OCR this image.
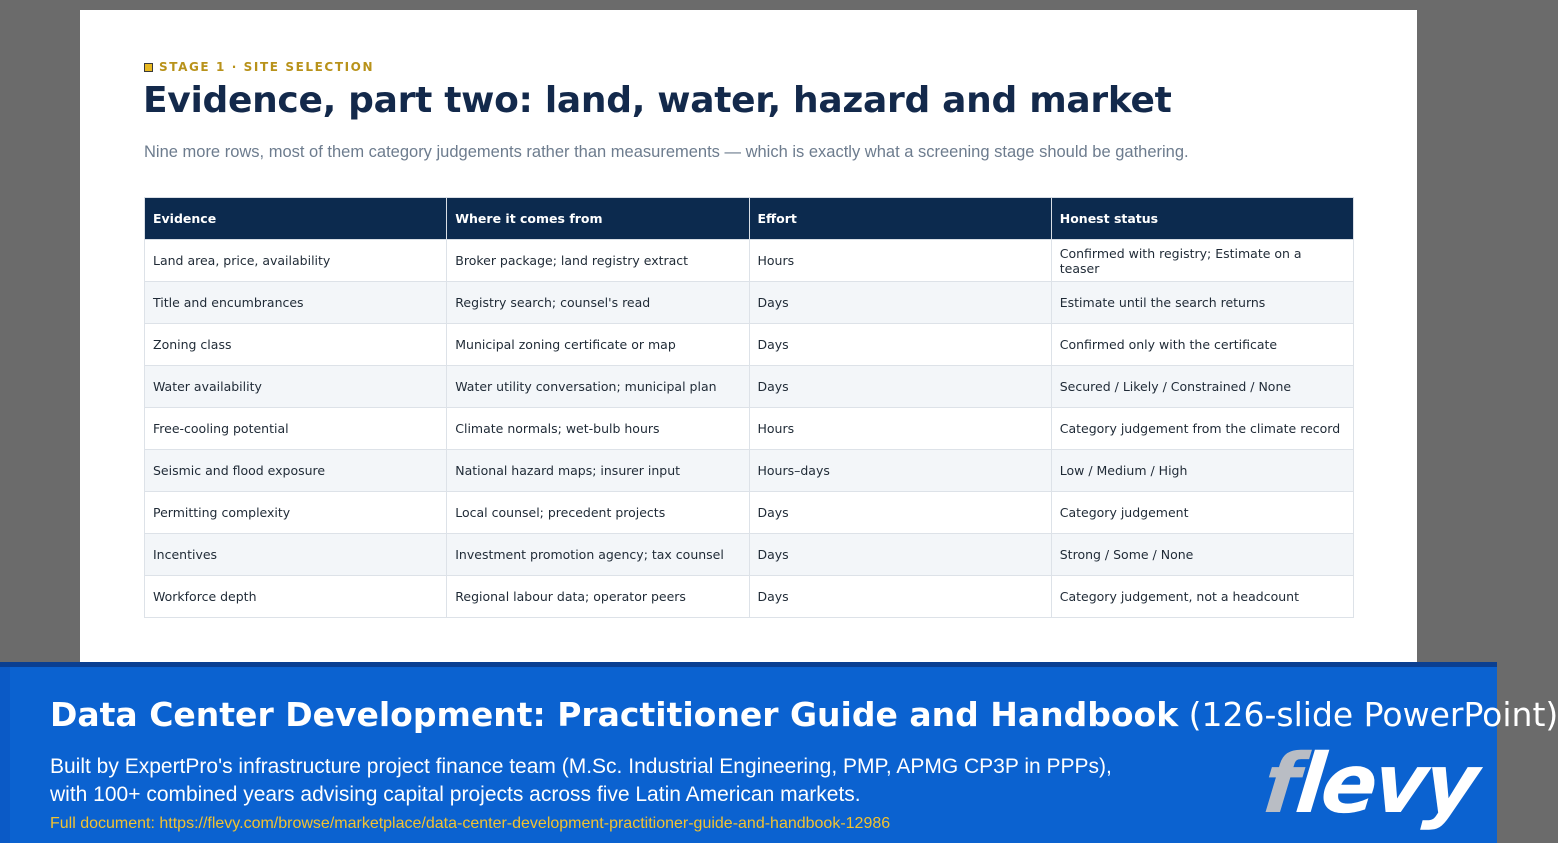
STAGE 1 · SITE SELECTION
Evidence, part two: land, water, hazard and market
Nine more rows, most of them category judgements rather than measurements — which is exactly what a screening stage should be gathering.
Evidence	Where it comes from	Effort	Honest status
Land area, price, availability	Broker package; land registry extract	Hours	Confirmed with registry; Estimate on a teaser
Title and encumbrances	Registry search; counsel's read	Days	Estimate until the search returns
Zoning class	Municipal zoning certificate or map	Days	Confirmed only with the certificate
Water availability	Water utility conversation; municipal plan	Days	Secured / Likely / Constrained / None
Free-cooling potential	Climate normals; wet-bulb hours	Hours	Category judgement from the climate record
Seismic and flood exposure	National hazard maps; insurer input	Hours–days	Low / Medium / High
Permitting complexity	Local counsel; precedent projects	Days	Category judgement
Incentives	Investment promotion agency; tax counsel	Days	Strong / Some / None
Workforce depth	Regional labour data; operator peers	Days	Category judgement, not a headcount
Data Center Development: Practitioner Guide and Handbook (126-slide PowerPoint)
Built by ExpertPro's infrastructure project finance team (M.Sc. Industrial Engineering, PMP, APMG CP3P in PPPs), with 100+ combined years advising capital projects across five Latin American markets.
Full document: https://flevy.com/browse/marketplace/data-center-development-practitioner-guide-and-handbook-12986	flevy
